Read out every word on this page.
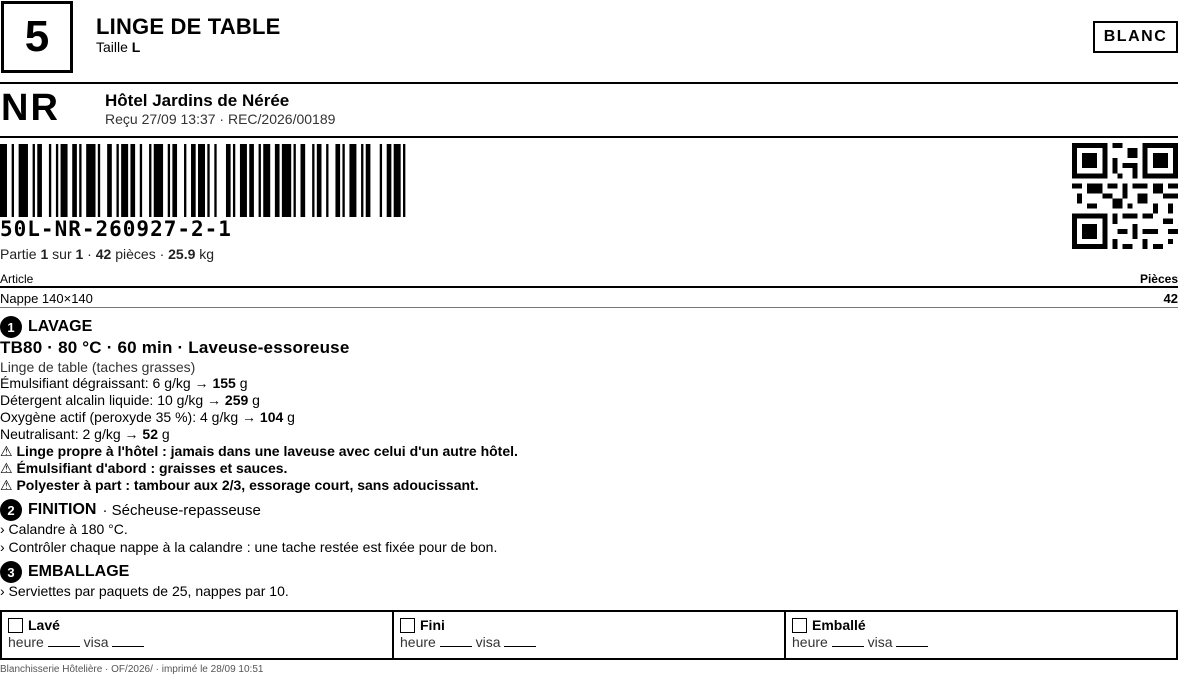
5	LINGE DE TABLE
Taille L
BLANC
NR	Hôtel Jardins de Nérée
Reçu 27/09 13:37 · REC/2026/00189
50L-NR-260927-2-1
Partie 1 sur 1 · 42 pièces · 25.9 kg
Article	Pièces
Nappe 140×140	42
1 LAVAGE
TB80 · 80 °C · 60 min · Laveuse-essoreuse
Linge de table (taches grasses)
Émulsifiant dégraissant: 6 g/kg → 155 g
Détergent alcalin liquide: 10 g/kg → 259 g
Oxygène actif (peroxyde 35 %): 4 g/kg → 104 g
Neutralisant: 2 g/kg → 52 g
⚠ Linge propre à l'hôtel : jamais dans une laveuse avec celui d'un autre hôtel.
⚠ Émulsifiant d'abord : graisses et sauces.
⚠ Polyester à part : tambour aux 2/3, essorage court, sans adoucissant.
2 FINITION · Sécheuse-repasseuse
› Calandre à 180 °C.
› Contrôler chaque nappe à la calandre : une tache restée est fixée pour de bon.
3 EMBALLAGE
› Serviettes par paquets de 25, nappes par 10.
Lavé
heure	visa
Fini
heure	visa
Emballé
heure	visa
Blanchisserie Hôtelière · OF/2026/ · imprimé le 28/09 10:51
